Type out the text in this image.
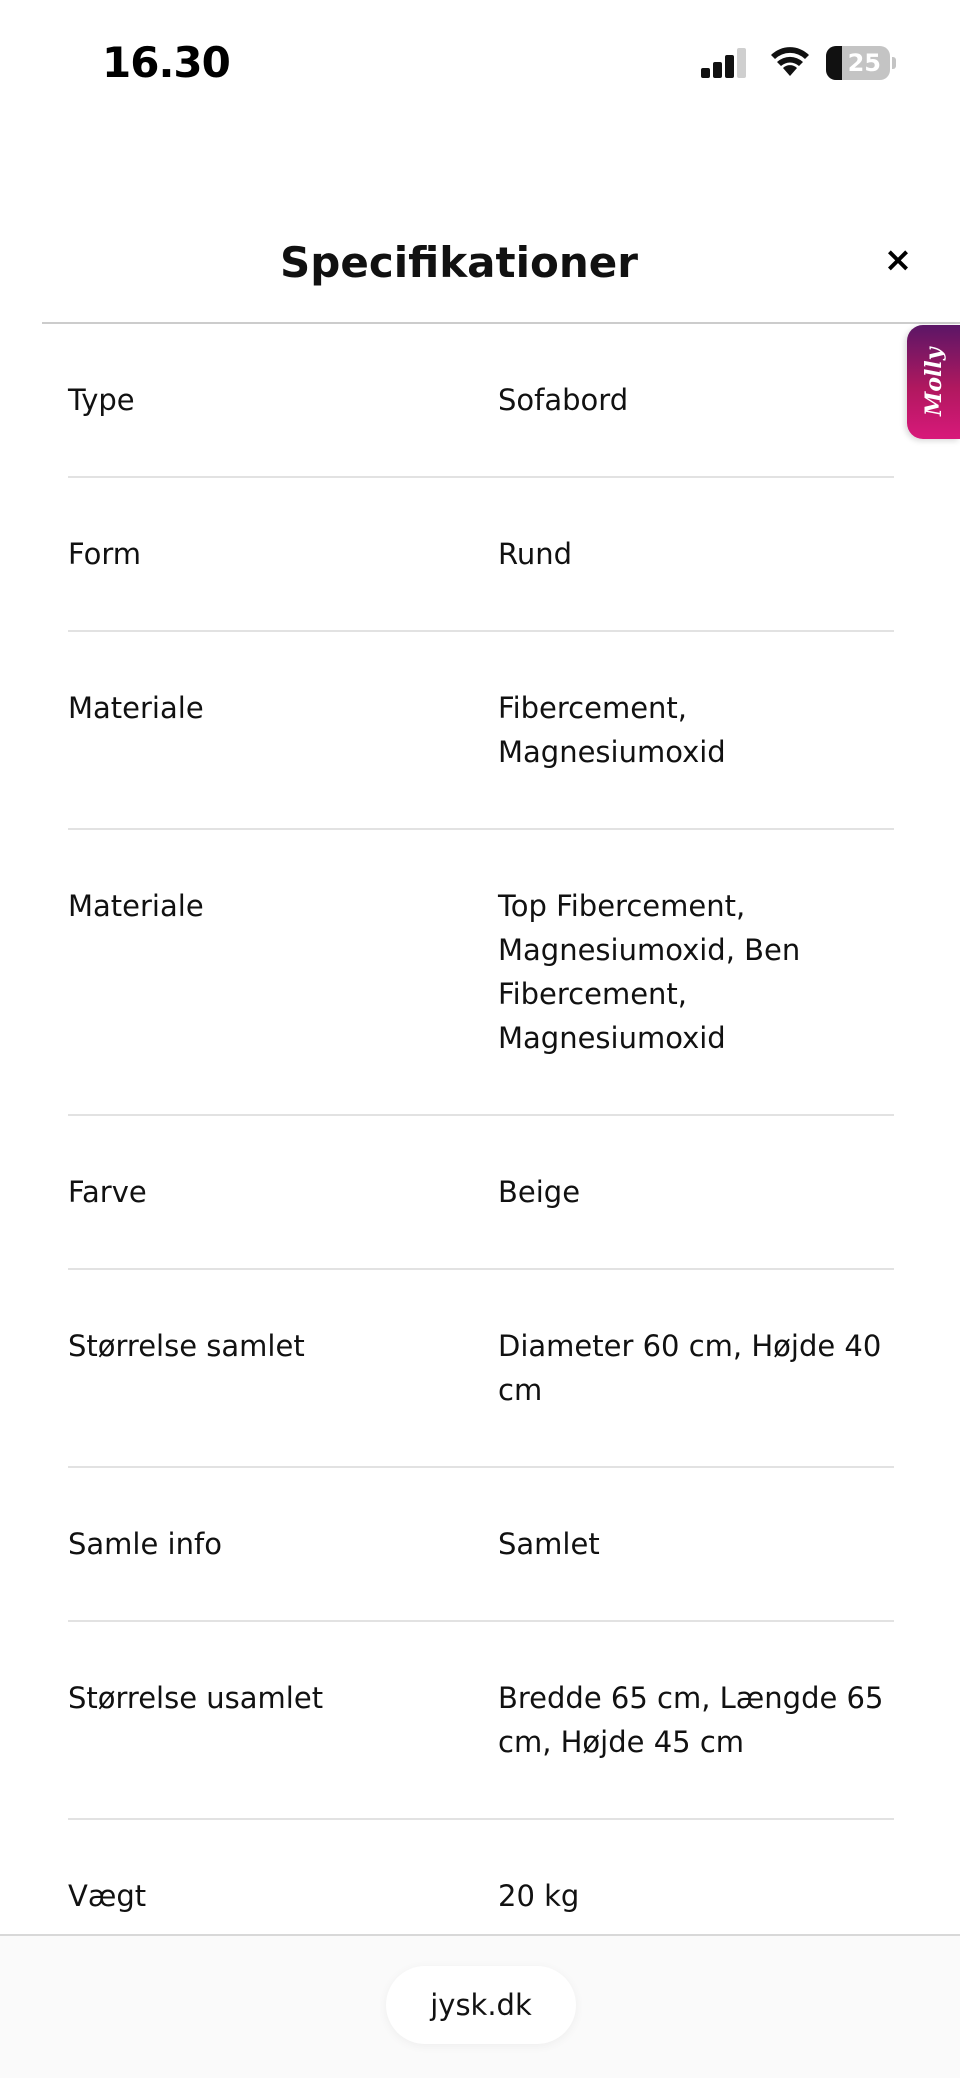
16.30	25
Specifikationer	×
Type	Sofabord
Form	Rund
Materiale	Fibercement, Magnesiumoxid
Materiale	Top Fibercement, Magnesiumoxid, Ben Fibercement, Magnesiumoxid
Farve	Beige
Størrelse samlet	Diameter 60 cm, Højde 40 cm
Samle info	Samlet
Størrelse usamlet	Bredde 65 cm, Længde 65 cm, Højde 45 cm
Vægt	20 kg
Molly
jysk.dk
